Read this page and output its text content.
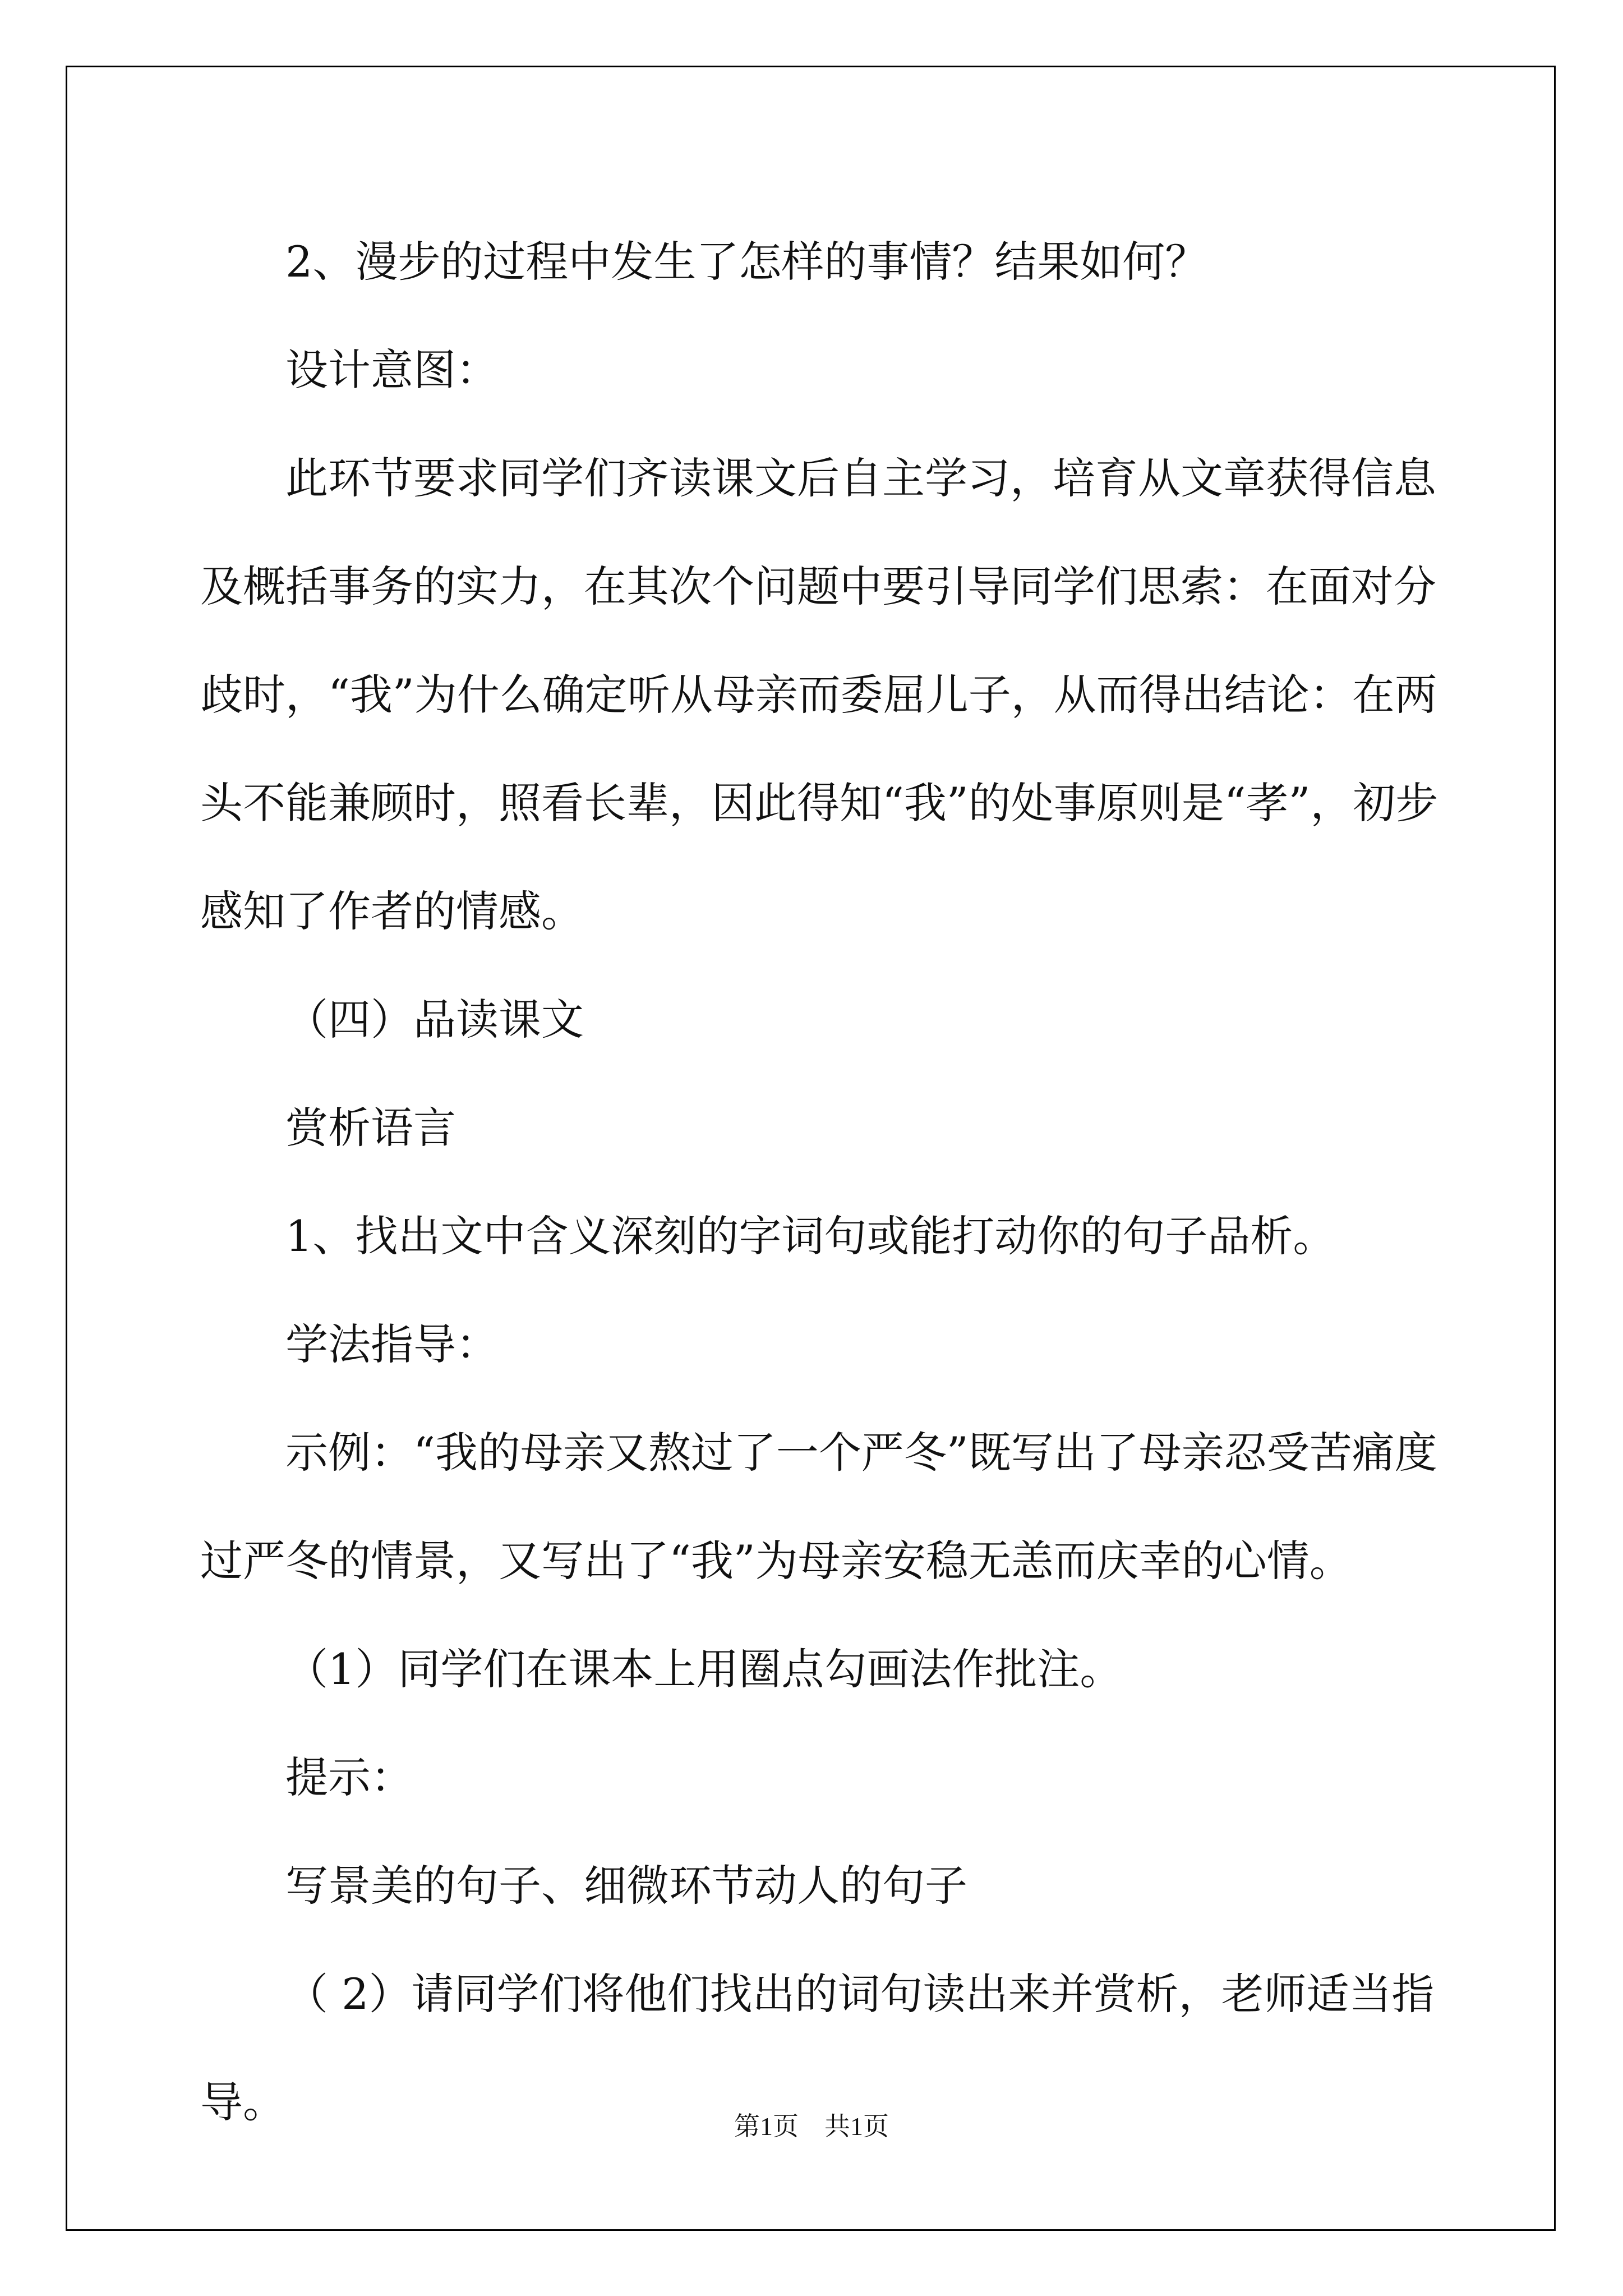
2、漫步的过程中发生了怎样的事情？结果如何？

设计意图：

此环节要求同学们齐读课文后自主学习，培育从文章获得信息及概括事务的实力，在其次个问题中要引导同学们思索：在面对分歧时，“我”为什么确定听从母亲而委屈儿子，从而得出结论：在两头不能兼顾时，照看长辈，因此得知“我”的处事原则是“孝”，初步感知了作者的情感。

（四）品读课文

赏析语言

1、找出文中含义深刻的字词句或能打动你的句子品析。

学法指导：

示例：“我的母亲又熬过了一个严冬”既写出了母亲忍受苦痛度过严冬的情景，又写出了“我”为母亲安稳无恙而庆幸的心情。

（1）同学们在课本上用圈点勾画法作批注。

提示：

写景美的句子、细微环节动人的句子

（ 2）请同学们将他们找出的词句读出来并赏析，老师适当指导。	第1页　共1页
